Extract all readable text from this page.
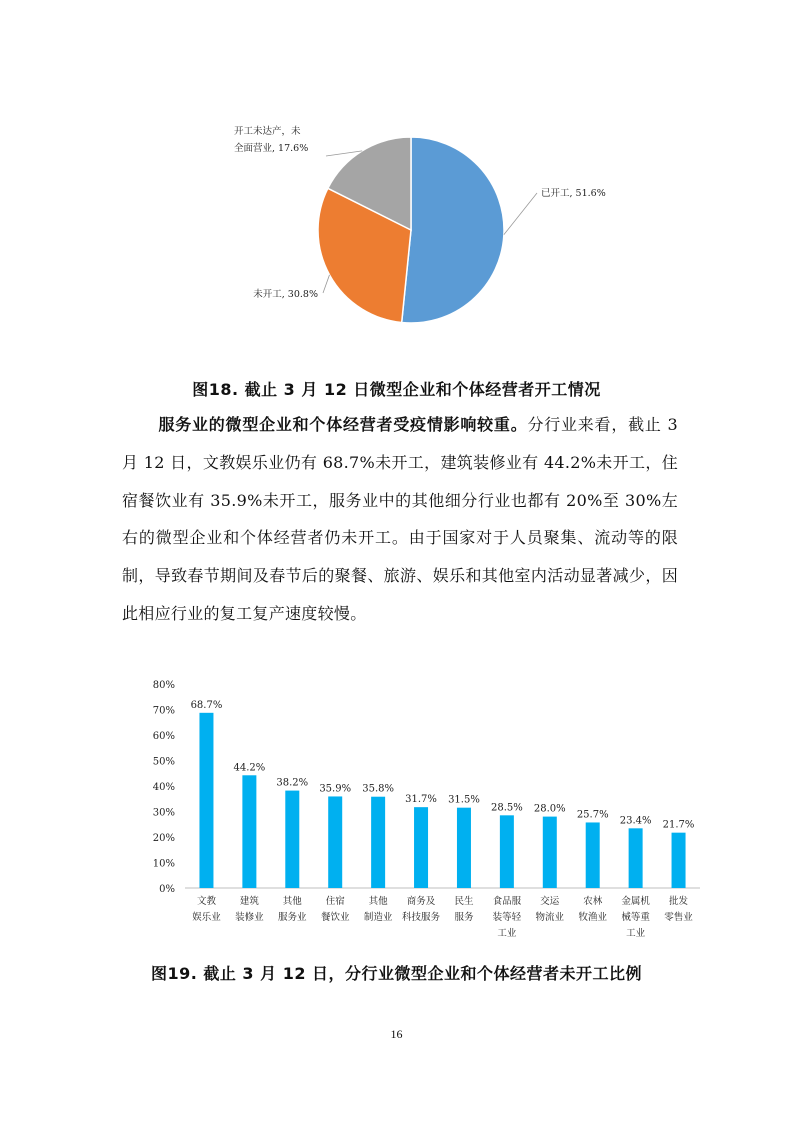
已开工, 51.6%
未开工, 30.8%
开工未达产，未
全面营业, 17.6%
图18. 截止 3 月 12 日微型企业和个体经营者开工情况
服务业的微型企业和个体经营者受疫情影响较重。分行业来看，截止 3 月 12 日，文教娱乐业仍有 68.7%未开工，建筑装修业有 44.2%未开工，住宿餐饮业有 35.9%未开工，服务业中的其他细分行业也都有 20%至 30%左右的微型企业和个体经营者仍未开工。由于国家对于人员聚集、流动等的限制，导致春节期间及春节后的聚餐、旅游、娱乐和其他室内活动显著减少，因此相应行业的复工复产速度较慢。
0%
10%
20%
30%
40%
50%
60%
70%
80%
68.7%
文教
娱乐业
44.2%
建筑
装修业
38.2%
其他
服务业
35.9%
住宿
餐饮业
35.8%
其他
制造业
31.7%
商务及
科技服务
31.5%
民生
服务
28.5%
食品服
装等轻
工业
28.0%
交运
物流业
25.7%
农林
牧渔业
23.4%
金属机
械等重
工业
21.7%
批发
零售业
图19. 截止 3 月 12 日，分行业微型企业和个体经营者未开工比例
16
